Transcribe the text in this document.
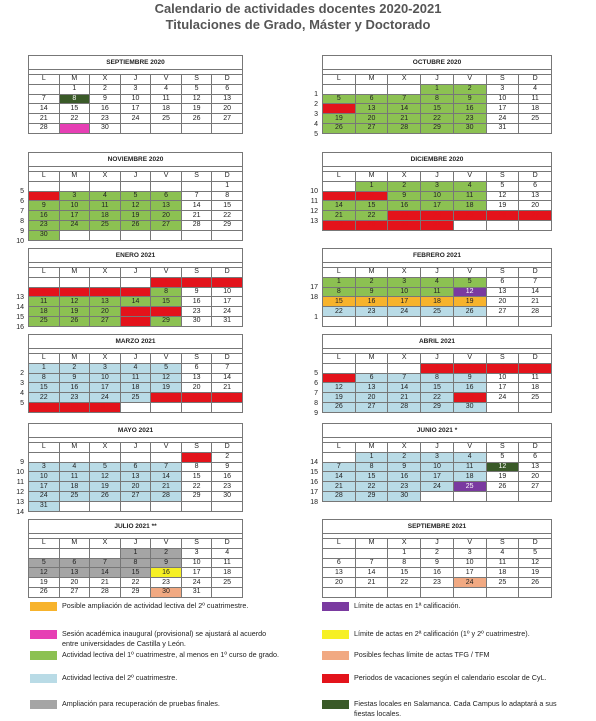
Calendario de actividades docentes 2020-2021
Titulaciones de Grado, Máster y Doctorado
SEPTIEMBRE 2020						

L	M	X	J	V	S	D
	1	2	3	4	5	6
7	8	9	10	11	12	13
14	15	16	17	18	19	20
21	22	23	24	25	26	27
28	29	30				
OCTUBRE 2020						

L	M	X	J	V	S	D
			1	2	3	4
5	6	7	8	9	10	11
12	13	14	15	16	17	18
19	20	21	22	23	24	25
26	27	28	29	30	31	
1
2
3
4
5
NOVIEMBRE 2020						

L	M	X	J	V	S	D
						1
2	3	4	5	6	7	8
9	10	11	12	13	14	15
16	17	18	19	20	21	22
23	24	25	26	27	28	29
30						
5
6
7
8
9
10
DICIEMBRE 2020						

L	M	X	J	V	S	D
	1	2	3	4	5	6
7	8	9	10	11	12	13
14	15	16	17	18	19	20
21	22	23	24	25	26	27
28	29	30	31			
10
11
12
13
ENERO 2021						

L	M	X	J	V	S	D
				1	2	3
4	5	6	7	8	9	10
11	12	13	14	15	16	17
18	19	20	21	22	23	24
25	26	27	28	29	30	31
13
14
15
16
FEBRERO 2021						

L	M	X	J	V	S	D
1	2	3	4	5	6	7
8	9	10	11	12	13	14
15	16	17	18	19	20	21
22	23	24	25	26	27	28

17
18
1
MARZO 2021						

L	M	X	J	V	S	D
1	2	3	4	5	6	7
8	9	10	11	12	13	14
15	16	17	18	19	20	21
22	23	24	25	26	27	28
29	30	31				
2
3
4
5
ABRIL 2021						

L	M	X	J	V	S	D
			1	2	3	4
5	6	7	8	9	10	11
12	13	14	15	16	17	18
19	20	21	22	23	24	25
26	27	28	29	30		
5
6
7
8
9
MAYO 2021						

L	M	X	J	V	S	D
					1	2
3	4	5	6	7	8	9
10	11	12	13	14	15	16
17	18	19	20	21	22	23
24	25	26	27	28	29	30
31						
9
10
11
12
13
14
JUNIO 2021 *						

L	M	X	J	V	S	D
	1	2	3	4	5	6
7	8	9	10	11	12	13
14	15	16	17	18	19	20
21	22	23	24	25	26	27
28	29	30				
14
15
16
17
18
JULIO 2021 **						

L	M	X	J	V	S	D
			1	2	3	4
5	6	7	8	9	10	11
12	13	14	15	16	17	18
19	20	21	22	23	24	25
26	27	28	29	30	31	
SEPTIEMBRE 2021						

L	M	X	J	V	S	D
		1	2	3	4	5
6	7	8	9	10	11	12
13	14	15	16	17	18	19
20	21	22	23	24	25	26

Posible ampliación de actividad lectiva del 2º cuatrimestre.	Límite de actas en 1ª calificación.
Sesión académica inaugural (provisional) se ajustará al acuerdo entre universidades de Castilla y León.
Límite de actas en 2ª calificación (1º y 2º cuatrimestre).
Actividad lectiva del 1º cuatrimestre, al menos en 1º curso de grado.	Posibles fechas límite de actas TFG / TFM
Actividad lectiva del 2º cuatrimestre.	Periodos de vacaciones según el calendario escolar de CyL.
Ampliación para recuperación de pruebas finales.	Fiestas locales en Salamanca. Cada Campus lo adaptará a sus fiestas locales.
